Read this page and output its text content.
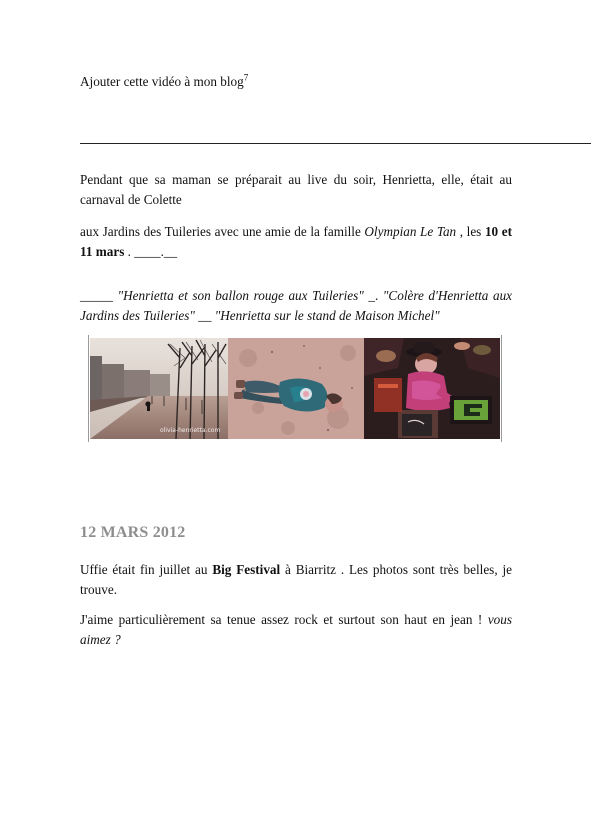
Ajouter cette vidéo à mon blog$^7$
Pendant que sa maman se préparait au live du soir, Henrietta, elle, était au carnaval de Colette
aux Jardins des Tuileries avec une amie de la famille Olympian Le Tan , les 10 et 11 mars . ____.__
_____ "Henrietta et son ballon rouge aux Tuileries" _. "Colère d'Henrietta aux Jardins des Tuileries" __ "Henrietta sur le stand de Maison Michel"
olivia-henrietta.com
12 MARS 2012
Uffie était fin juillet au Big Festival à Biarritz . Les photos sont très belles, je trouve.
J'aime particulièrement sa tenue assez rock et surtout son haut en jean ! vous aimez ?
